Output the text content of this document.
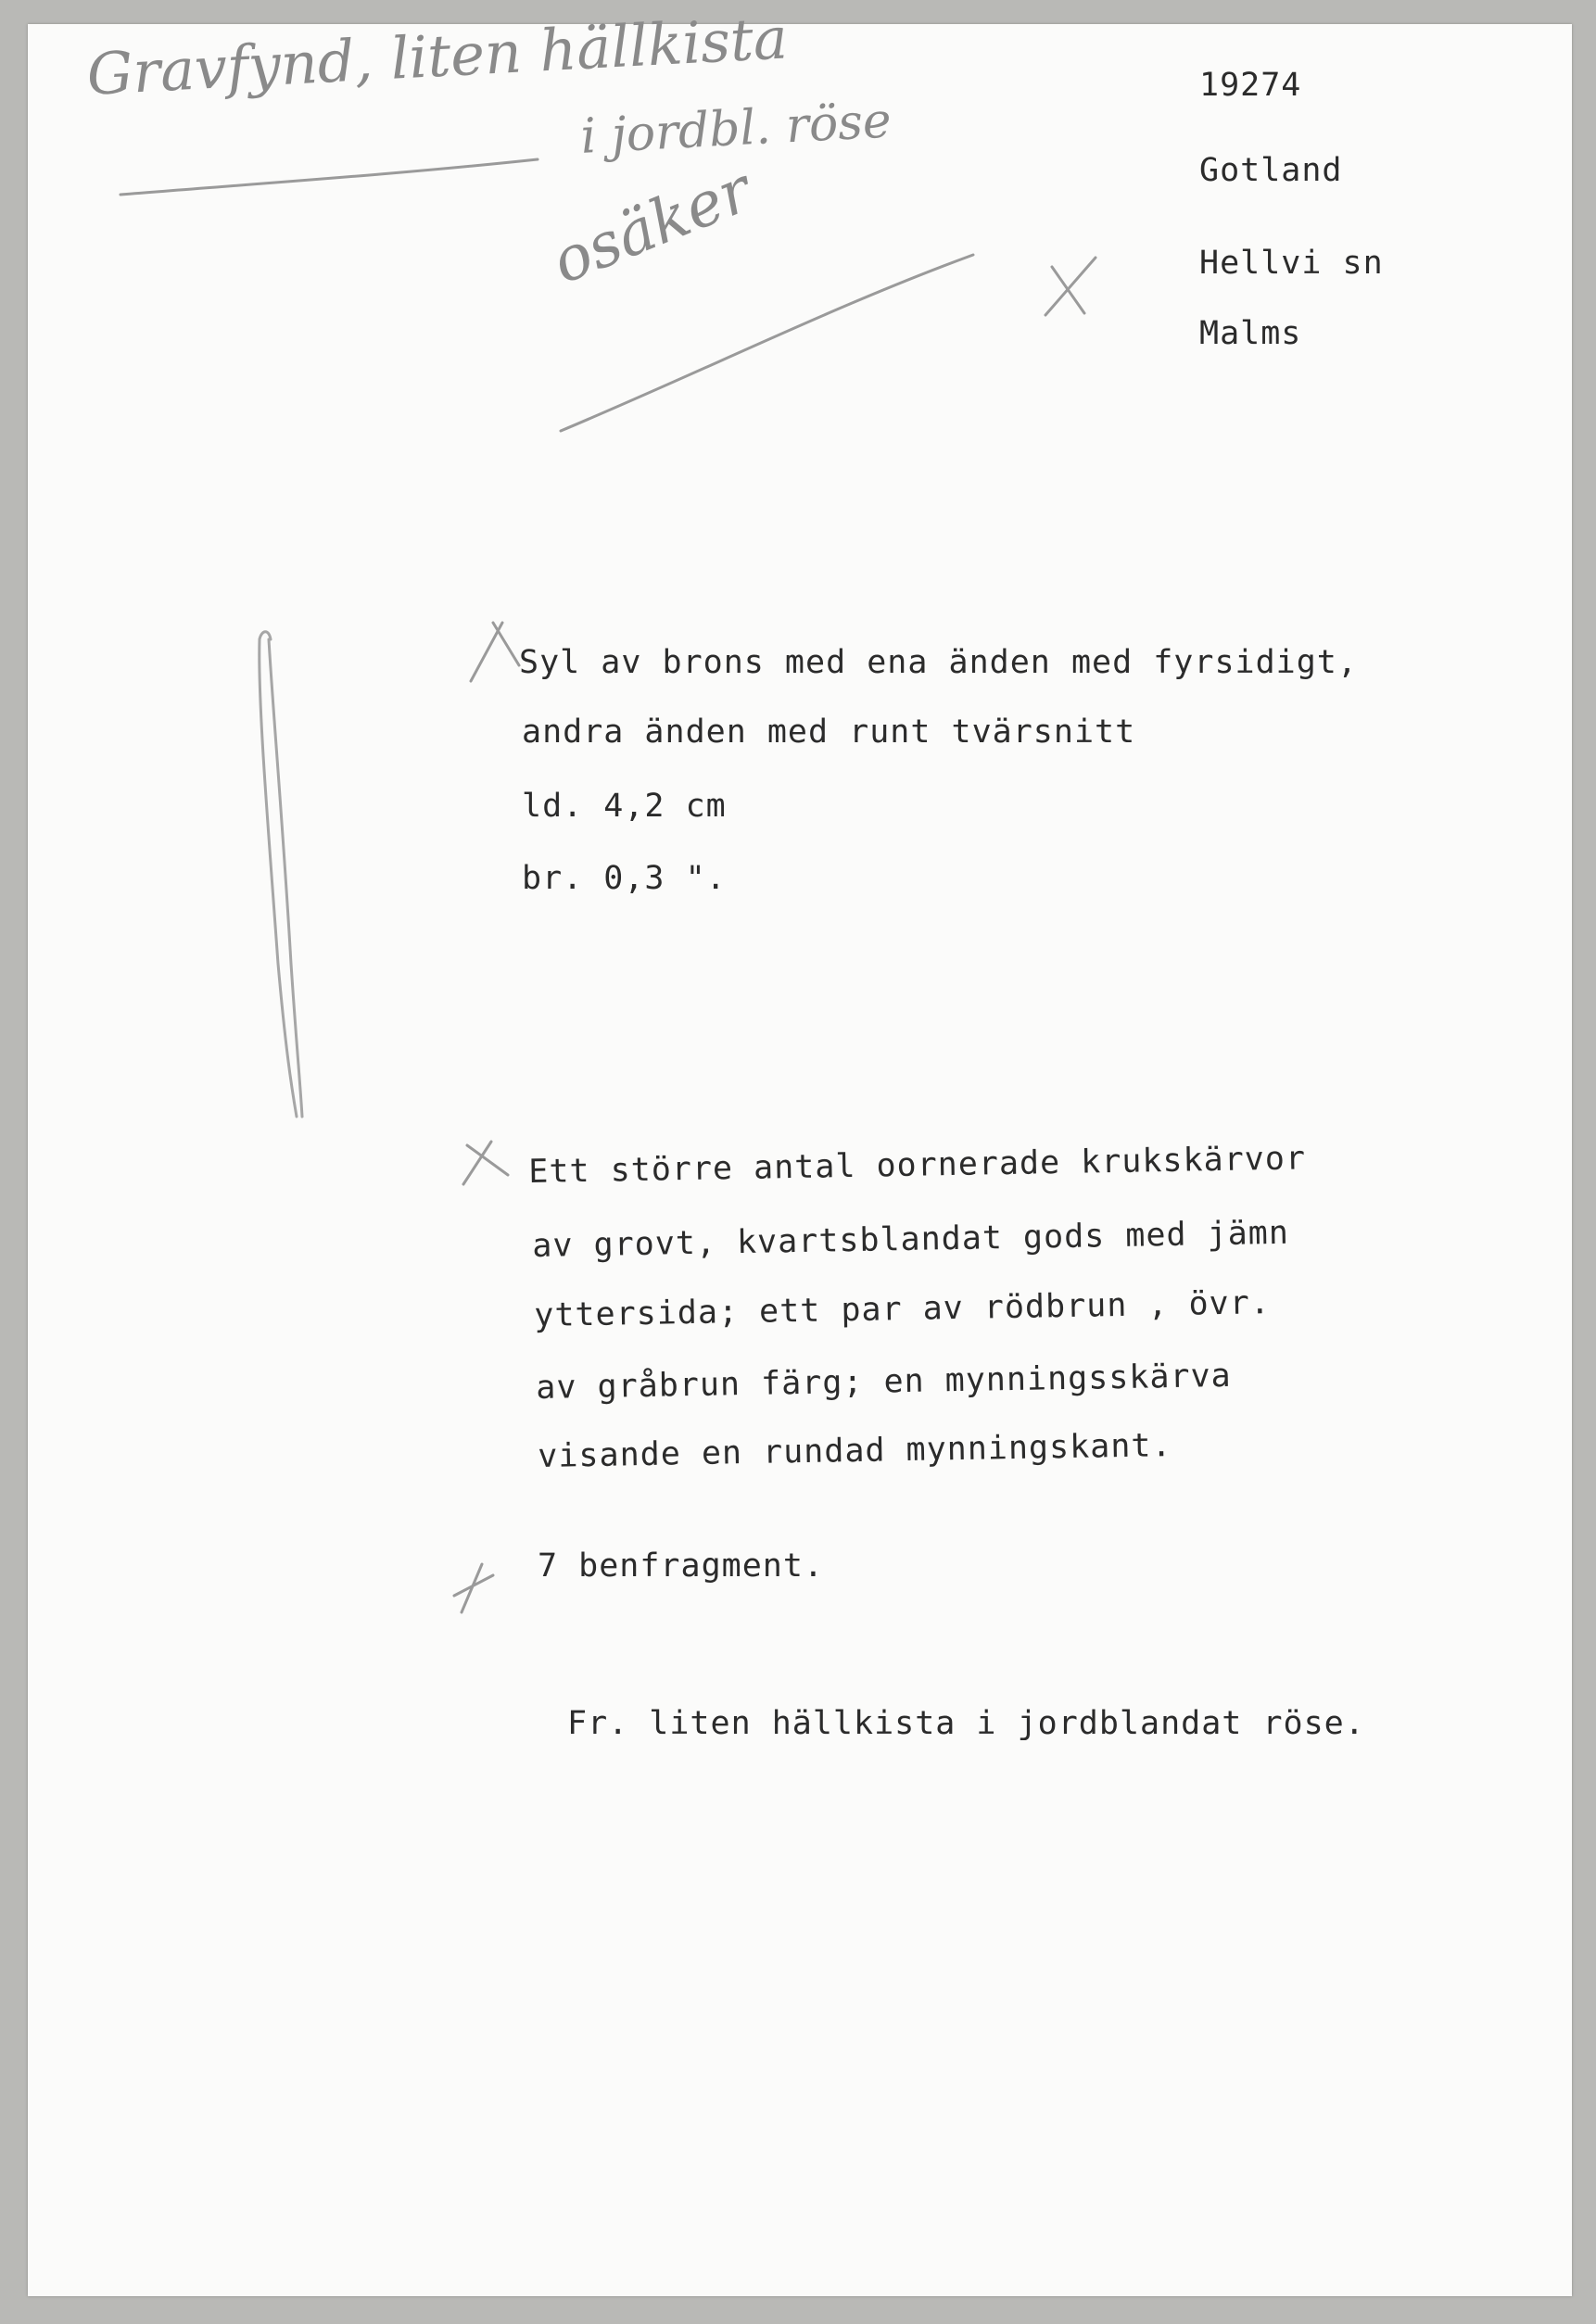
Gravfynd, liten hällkista
i jordbl. röse
osäker
19274
Gotland
Hellvi sn
Malms
Syl av brons med ena änden med fyrsidigt,
andra änden med runt tvärsnitt
ld. 4,2 cm
br. 0,3 ".
Ett större antal oornerade krukskärvor
av grovt, kvartsblandat gods med jämn
yttersida; ett par av rödbrun , övr.
av gråbrun färg; en mynningsskärva
visande en rundad mynningskant.
7 benfragment.
Fr. liten hällkista i jordblandat röse.
